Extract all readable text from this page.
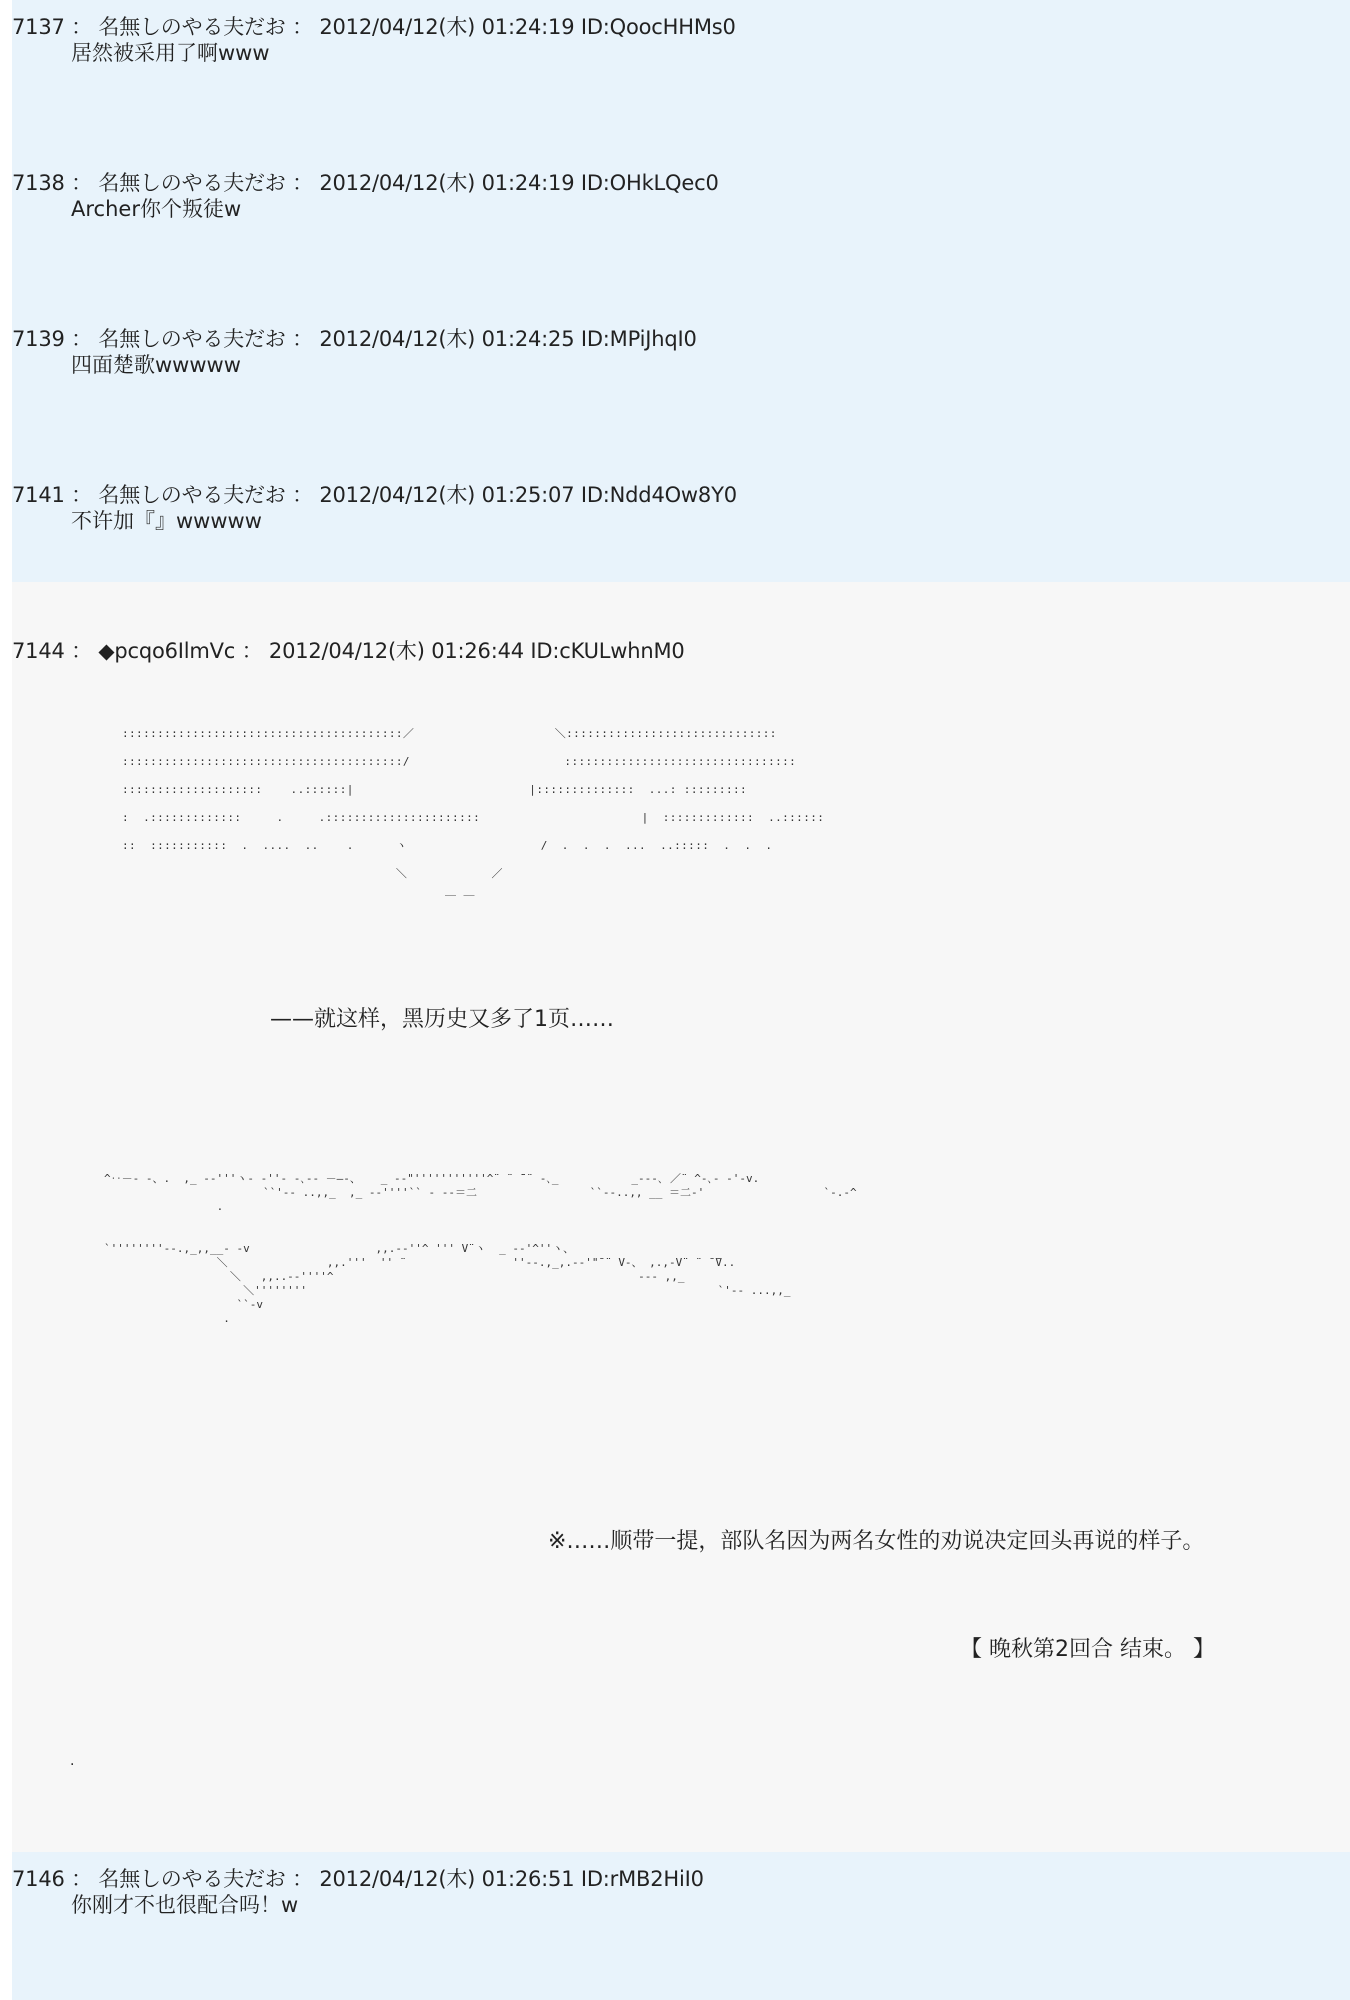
7137 ： 名無しのやる夫だお ： 2012/04/12(木) 01:24:19 ID:QoocHHMs0
居然被采用了啊www
7138 ： 名無しのやる夫だお ： 2012/04/12(木) 01:24:19 ID:OHkLQec0
Archer你个叛徒w
7139 ： 名無しのやる夫だお ： 2012/04/12(木) 01:24:25 ID:MPiJhqI0
四面楚歌wwwww
7141 ： 名無しのやる夫だお ： 2012/04/12(木) 01:25:07 ID:Ndd4Ow8Y0
不许加『』wwwww
7144 ： ◆pcqo6IlmVc ： 2012/04/12(木) 01:26:44 ID:cKULwhnM0
::::::::::::::::::::::::::::::::::::::::／                    ＼::::::::::::::::::::::::::::::
::::::::::::::::::::::::::::::::::::::::/                      :::::::::::::::::::::::::::::::::
::::::::::::::::::::    ..::::::|                         |::::::::::::::  ...: :::::::::
:  .:::::::::::::     .     .::::::::::::::::::::::                       |  :::::::::::::  ..::::::
::  :::::::::::  .  ....  ..    .      ヽ                   /  .  .  .  ...  ..:::::  .  .  .
＼            ／
￣ ￣
——就这样，黑历史又多了1页……
^‥－‐ ‐、.  ,_ -‐'''ヽ‐ ‐''‐ ‐､-‐ －―‐、   _ -‐"'''''''''''^¨ ¨ ̄¨¨ ‐､_           _-‐‐､ ／¨ ^‐､‐ ‐'‐v.
``'‐- ..,,_  ,_ -‐''''`` ‐ ‐-＝二                 ``‐-..,, __ ＝二‐'                  `‐.‐^
.

`''''''''‐-.,_,,__‐ ‐v                   ,,.-‐''^ ''' V¨ヽ  _ -‐'^''ヽ、
＼               ,,.'''  '' ¨                ''‐-.,_,.-‐'"¯¨ V‐、 ,.,‐V¨ ¨ ̄ ̄V..
＼   ,,..-‐''''^                                              ‐-- ,,_
＼''''''''                                                              `'‐- ...,,_
``‐v
.
※……顺带一提，部队名因为两名女性的劝说决定回头再说的样子。
【 晚秋第2回合 结束。 】
.
7146 ： 名無しのやる夫だお ： 2012/04/12(木) 01:26:51 ID:rMB2HiI0
你刚才不也很配合吗！w
